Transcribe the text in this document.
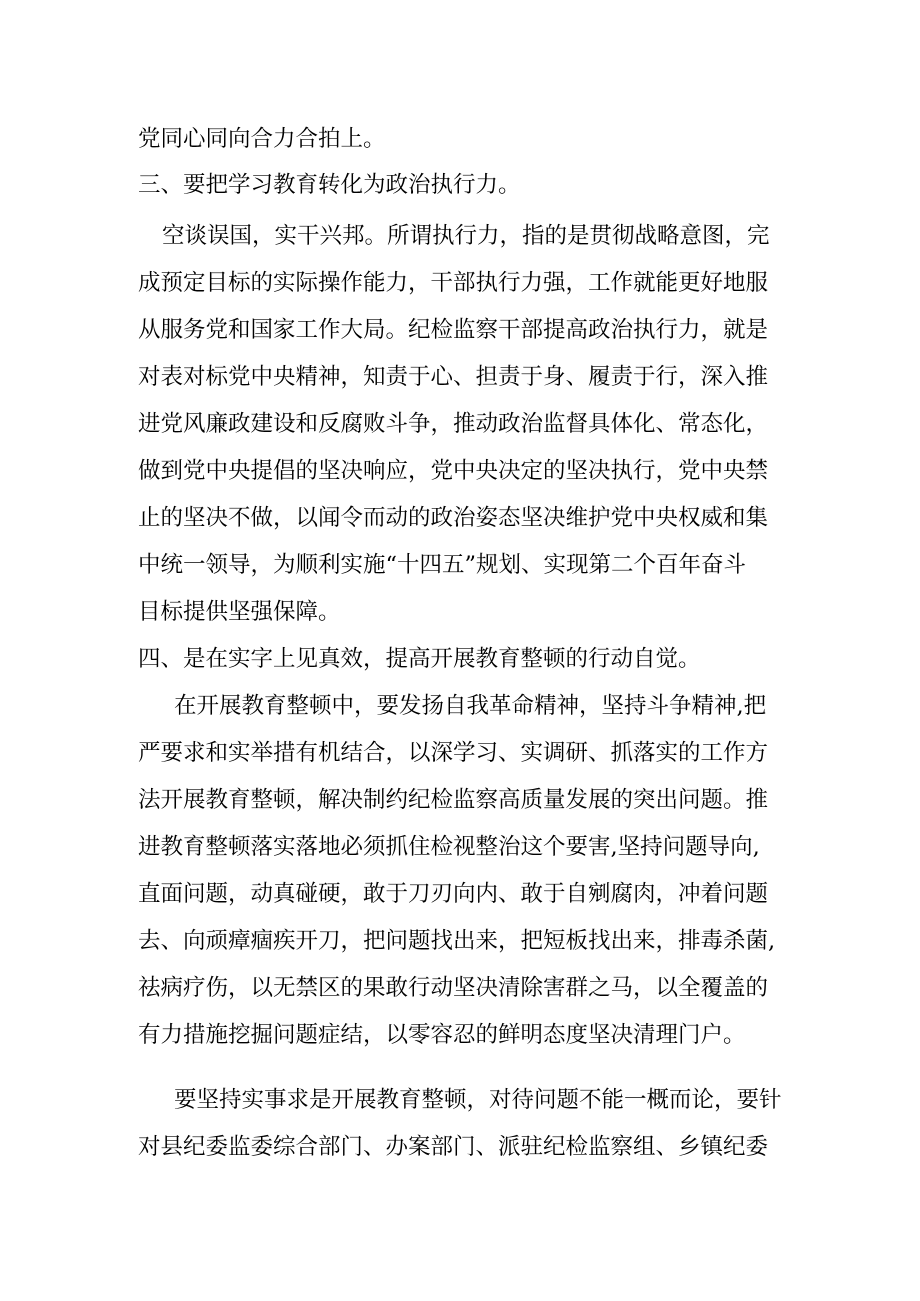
党同心同向合力合拍上。
三、要把学习教育转化为政治执行力。
空谈误国，实干兴邦。所谓执行力，指的是贯彻战略意图，完
成预定目标的实际操作能力，干部执行力强，工作就能更好地服
从服务党和国家工作大局。纪检监察干部提高政治执行力，就是
对表对标党中央精神，知责于心、担责于身、履责于行，深入推
进党风廉政建设和反腐败斗争，推动政治监督具体化、常态化，
做到党中央提倡的坚决响应，党中央决定的坚决执行，党中央禁
止的坚决不做，以闻令而动的政治姿态坚决维护党中央权威和集
中统一领导，为顺利实施“十四五”规划、实现第二个百年奋斗
目标提供坚强保障。
四、是在实字上见真效，提高开展教育整顿的行动自觉。
在开展教育整顿中，要发扬自我革命精神，坚持斗争精神,把
严要求和实举措有机结合，以深学习、实调研、抓落实的工作方
法开展教育整顿，解决制约纪检监察高质量发展的突出问题。推
进教育整顿落实落地必须抓住检视整治这个要害,坚持问题导向,
直面问题，动真碰硬，敢于刀刃向内、敢于自剜腐肉，冲着问题
去、向顽瘴痼疾开刀，把问题找出来，把短板找出来，排毒杀菌,
祛病疗伤，以无禁区的果敢行动坚决清除害群之马，以全覆盖的
有力措施挖掘问题症结，以零容忍的鲜明态度坚决清理门户。
要坚持实事求是开展教育整顿，对待问题不能一概而论，要针
对县纪委监委综合部门、办案部门、派驻纪检监察组、乡镇纪委
